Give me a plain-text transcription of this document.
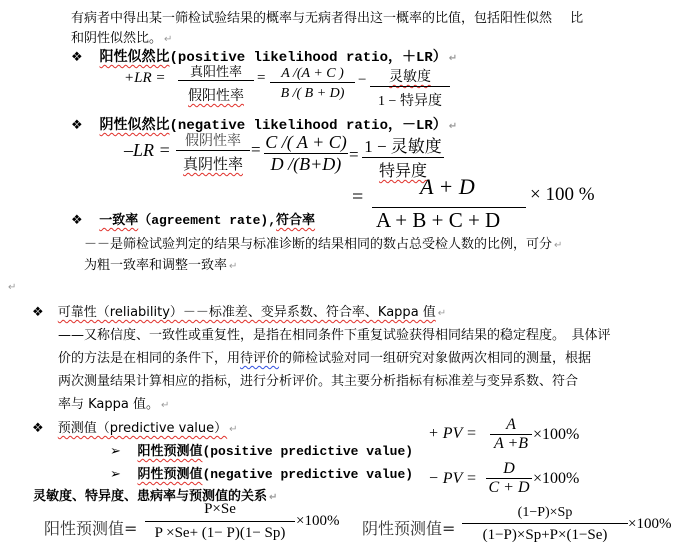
有病者中得出某一筛检试验结果的概率与无病者得出这一概率的比值，包括阳性似然 比
和阴性似然比。 ↵
❖ 阳性似然比(positive likelihood ratio，＋LR） ↵
+LR = 真阳性率
假阳性率
= A /(A + C )
B /( B + D)
− 灵敏度
1 − 特异度
❖ 阴性似然比(negative likelihood ratio，－LR） ↵
–LR = 假阴性率
真阴性率
= C /( A + C)
D /(B+D) = 1 − 灵敏度
特异度
=	A + D
A + B + C + D
× 100 %
❖ 一致率（agreement rate),符合率
－－是筛检试验判定的结果与标准诊断的结果相同的数占总受检人数的比例，可分 ↵
为粗一致率和调整一致率 ↵
↵
❖ 可靠性（reliability）－－标准差、变异系数、符合率、Kappa 值 ↵
——又称信度、一致性或重复性，是指在相同条件下重复试验获得相同结果的稳定程度。　具体评
价的方法是在相同的条件下，用待评价的筛检试验对同一组研究对象做两次相同的测量，根据
两次测量结果计算相应的指标，进行分析评价。其主要分析指标有标准差与变异系数、符合
率与 Kappa 值。 ↵
❖ 预测值（predictive value） ↵
➢ 阳性预测值(positive predictive value)
➢ 阴性预测值(negative predictive value)
+ PV =
A
A +B
×100%
− PV =
D
C + D
×100%
灵敏度、特异度、患病率与预测值的关系 ↵
阳性预测值=
P×Se
P ×Se+ (1− P)(1− Sp)
×100% 阴性预测值=
(1−P)×Sp
(1−P)×Sp+P×(1−Se)
×100%
